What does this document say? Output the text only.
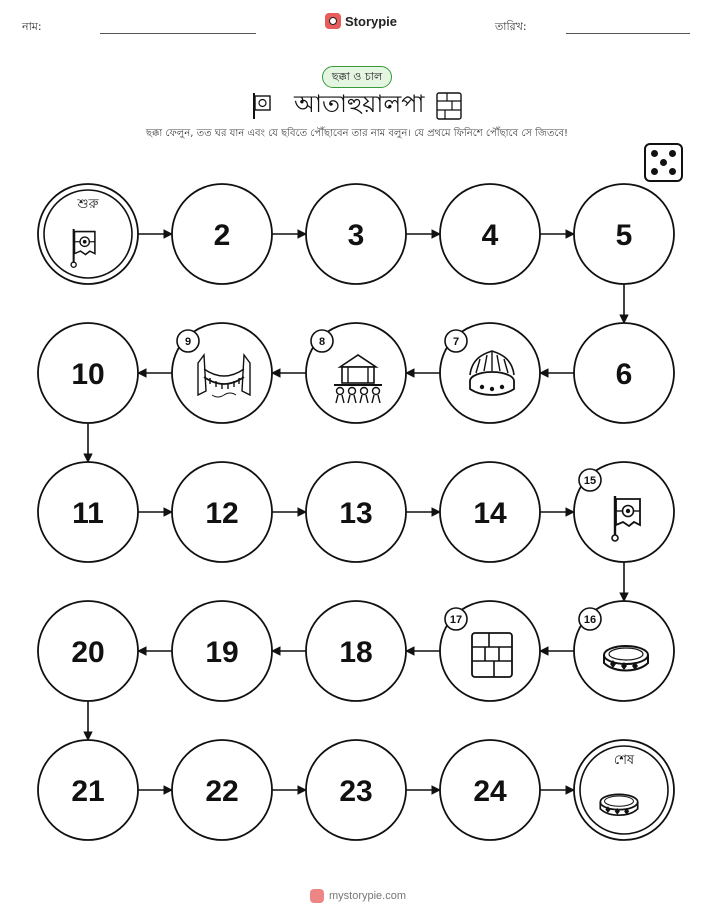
নাম:	Storypie	তারিখ:
ছক্কা ও চাল
আতাহুয়ালপা
ছক্কা ফেলুন, তত ঘর যান এবং যে ছবিতে পৌঁছাবেন তার নাম বলুন। যে প্রথমে ফিনিশে পৌঁছাবে সে জিতবে!
শুরু
2	3	4	5
6
7
8
9
10
11	12	13	14
15
16
17
18
19
20
21	22	23	24
শেষ
mystorypie.com
